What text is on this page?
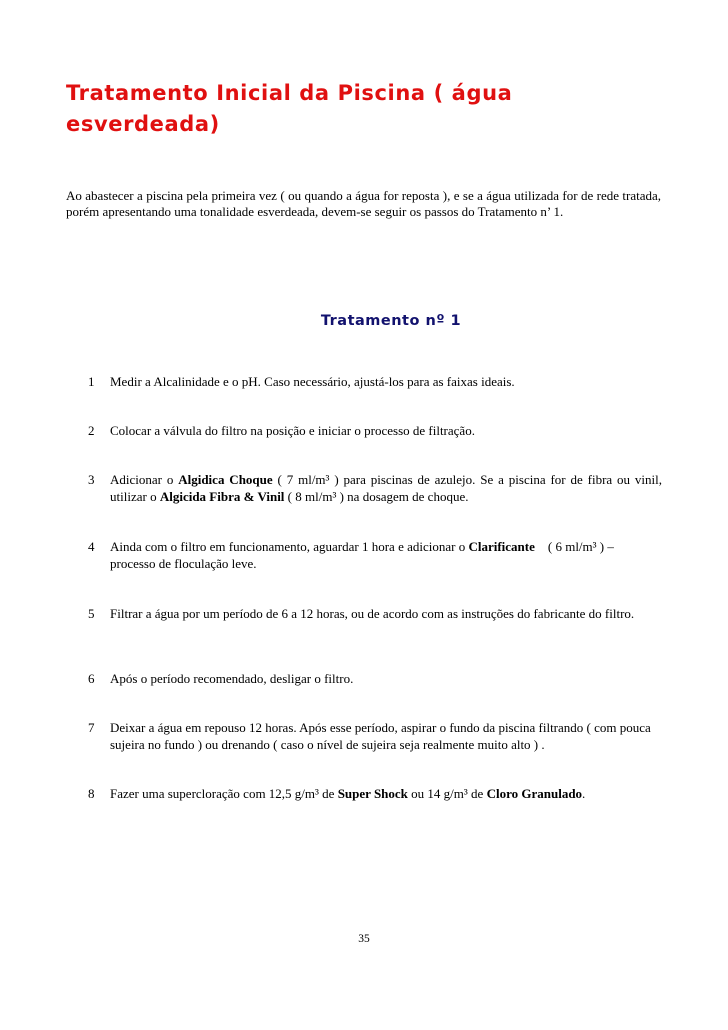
Tratamento Inicial da Piscina ( água esverdeada)

Ao abastecer a piscina pela primeira vez ( ou quando a água for reposta ), e se a água utilizada for de rede tratada, porém apresentando uma tonalidade esverdeada, devem-se seguir os passos do Tratamento n’ 1.

Tratamento nº 1
1	Medir a Alcalinidade e o pH. Caso necessário, ajustá-los para as faixas ideais.
2	Colocar a válvula do filtro na posição e iniciar o processo de filtração.
3	Adicionar o Algidica Choque ( 7 ml/m³ ) para piscinas de azulejo. Se a piscina for de fibra ou vinil, utilizar o Algicida Fibra & Vinil ( 8 ml/m³ ) na dosagem de choque.
4	Ainda com o filtro em funcionamento, aguardar 1 hora e adicionar o Clarificante    ( 6 ml/m³ ) – processo de floculação leve.
5	Filtrar a água por um período de 6 a 12 horas, ou de acordo com as instruções do fabricante do filtro.
6	Após o período recomendado, desligar o filtro.
7	Deixar a água em repouso 12 horas. Após esse período, aspirar o fundo da piscina filtrando ( com pouca sujeira no fundo ) ou drenando ( caso o nível de sujeira seja realmente muito alto ) .
8	Fazer uma supercloração com 12,5 g/m³ de Super Shock ou 14 g/m³ de Cloro Granulado.
35
